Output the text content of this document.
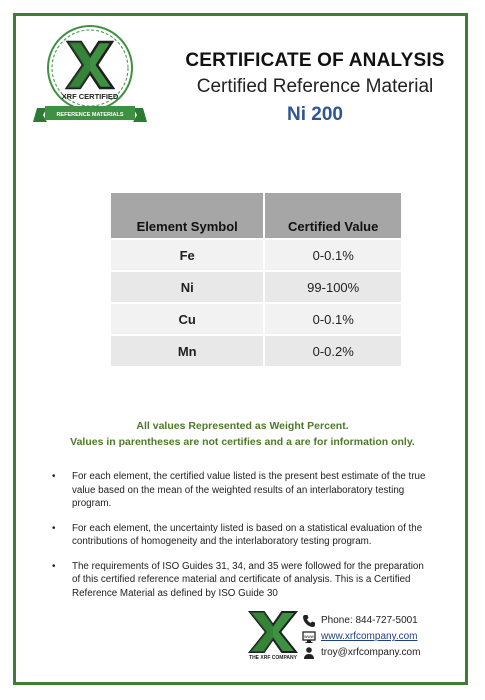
XRF CERTIFIED
REFERENCE MATERIALS
CERTIFICATE OF ANALYSIS
Certified Reference Material
Ni 200
Element Symbol	Certified Value
Fe	0-0.1%
Ni	99-100%
Cu	0-0.1%
Mn	0-0.2%
All values Represented as Weight Percent.
Values in parentheses are not certifies and a are for information only.
• For each element, the certified value listed is the present best estimate of the true value based on the mean of the weighted results of an interlaboratory testing program.
• For each element, the uncertainty listed is based on a statistical evaluation of the contributions of homogeneity and the interlaboratory testing program.
• The requirements of ISO Guides 31, 34, and 35 were followed for the preparation of this certified reference material and certificate of analysis. This is a Certified Reference Material as defined by ISO Guide 30
THE XRF COMPANY
Phone: 844-727-5001
www www.xrfcompany.com
troy@xrfcompany.com
